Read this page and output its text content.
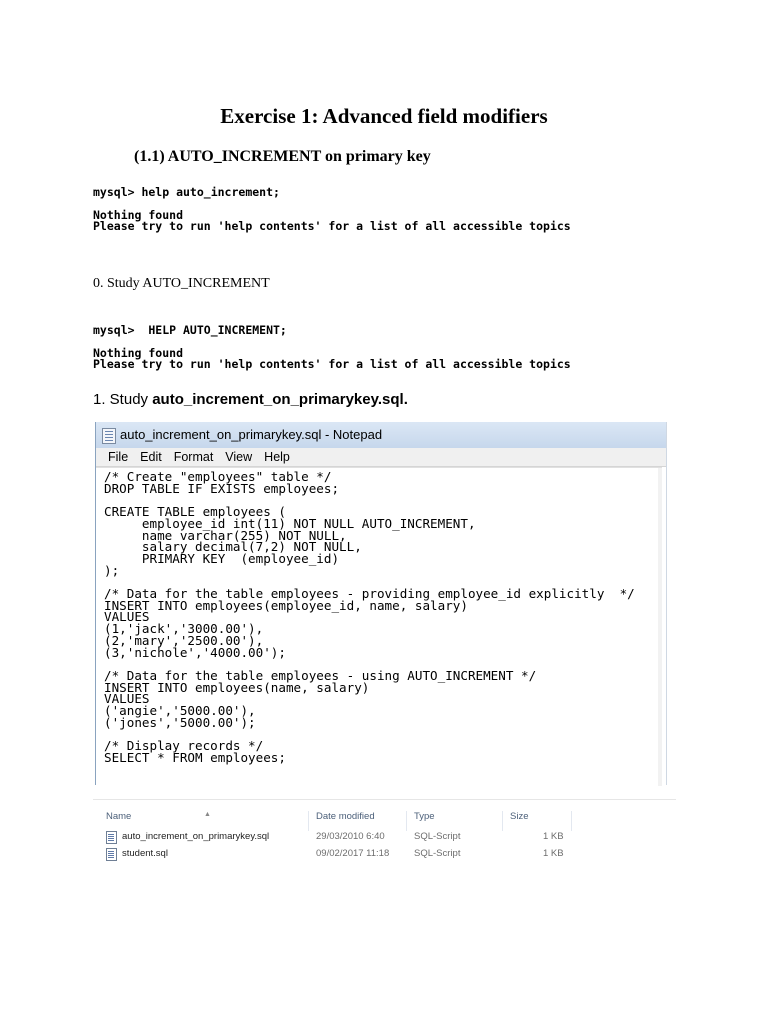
Exercise 1: Advanced field modifiers
(1.1) AUTO_INCREMENT on primary key
mysql> help auto_increment;
Nothing found
Please try to run 'help contents' for a list of all accessible topics
0. Study AUTO_INCREMENT
mysql>  HELP AUTO_INCREMENT;
Nothing found
Please try to run 'help contents' for a list of all accessible topics
1. Study auto_increment_on_primarykey.sql.
auto_increment_on_primarykey.sql - Notepad
File Edit Format View Help
/* Create "employees" table */
DROP TABLE IF EXISTS employees;

CREATE TABLE employees (
employee_id int(11) NOT NULL AUTO_INCREMENT,
name varchar(255) NOT NULL,
salary decimal(7,2) NOT NULL,
PRIMARY KEY  (employee_id)
);

/* Data for the table employees - providing employee_id explicitly  */
INSERT INTO employees(employee_id, name, salary)
VALUES
(1,'jack','3000.00'),
(2,'mary','2500.00'),
(3,'nichole','4000.00');

/* Data for the table employees - using AUTO_INCREMENT */
INSERT INTO employees(name, salary)
VALUES
('angie','5000.00'),
('jones','5000.00');

/* Display records */
SELECT * FROM employees;
▲
Name	Date modified	Type	Size
auto_increment_on_primarykey.sql	29/03/2010 6:40	SQL-Script	1 KB
student.sql	09/02/2017 11:18	SQL-Script	1 KB
